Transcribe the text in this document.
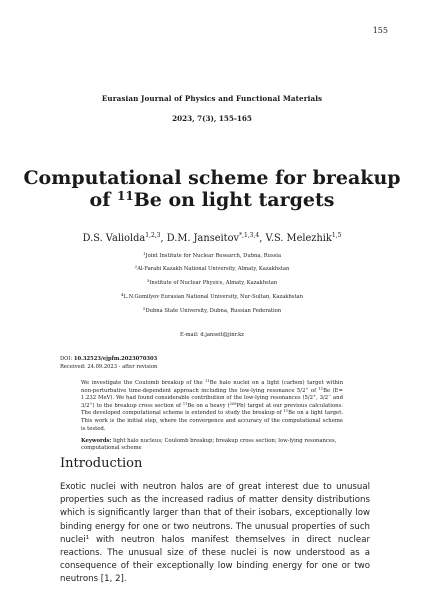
155
Eurasian Journal of Physics and Functional Materials
2023, 7(3), 155-165
Computational scheme for breakup
of $^{11}$Be on light targets
D.S. Valiolda$^{1,2,3}$, D.M. Janseitov$^{*,1,3,4}$, V.S. Melezhik$^{1,5}$
$^1$Joint Institute for Nuclear Research, Dubna, Russia
$^2$Al-Farabi Kazakh National University, Almaty, Kazakhstan
$^3$Institute of Nuclear Physics, Almaty, Kazakhstan
$^4$L.N.Gumilyov Eurasian National University, Nur-Sultan, Kazakhstan
$^5$Dubna State University, Dubna, Russian Federation
E-mail: d.janseit@jinr.kz
DOI: 10.32523/ejpfm.2023070303
Received: 24.09.2023 - after revision
We investigate the Coulomb breakup of the $^{11}$Be halo nuclei on a light (carbon) target within non-perturbative time-dependent approach including the low-lying resonance 5/2+ of $^{11}$Be (E= 1.232 MeV). We had found considerable contribution of the low-lying resonances (5/2+, 3/2− and 3/2+) to the breakup cross section of $^{11}$Be on a heavy ($^{208}$Pb) target at our previous calculations. The developed computational scheme is extended to study the breakup of $^{11}$Be on a light target. This work is the initial step, where the convergence and accuracy of the computational scheme is tested.
Keywords: light halo nucleus; Coulomb breakup; breakup cross section; low-lying resonances, computational scheme
Introduction
Exotic nuclei with neutron halos are of great interest due to unusual properties such as the increased radius of matter density distributions which is significantly larger than that of their isobars, exceptionally low binding energy for one or two neutrons. The unusual properties of such nuclei$^1$ with neutron halos manifest themselves in direct nuclear reactions. The unusual size of these nuclei is now understood as a consequence of their exceptionally low binding energy for one or two neutrons [1, 2].
